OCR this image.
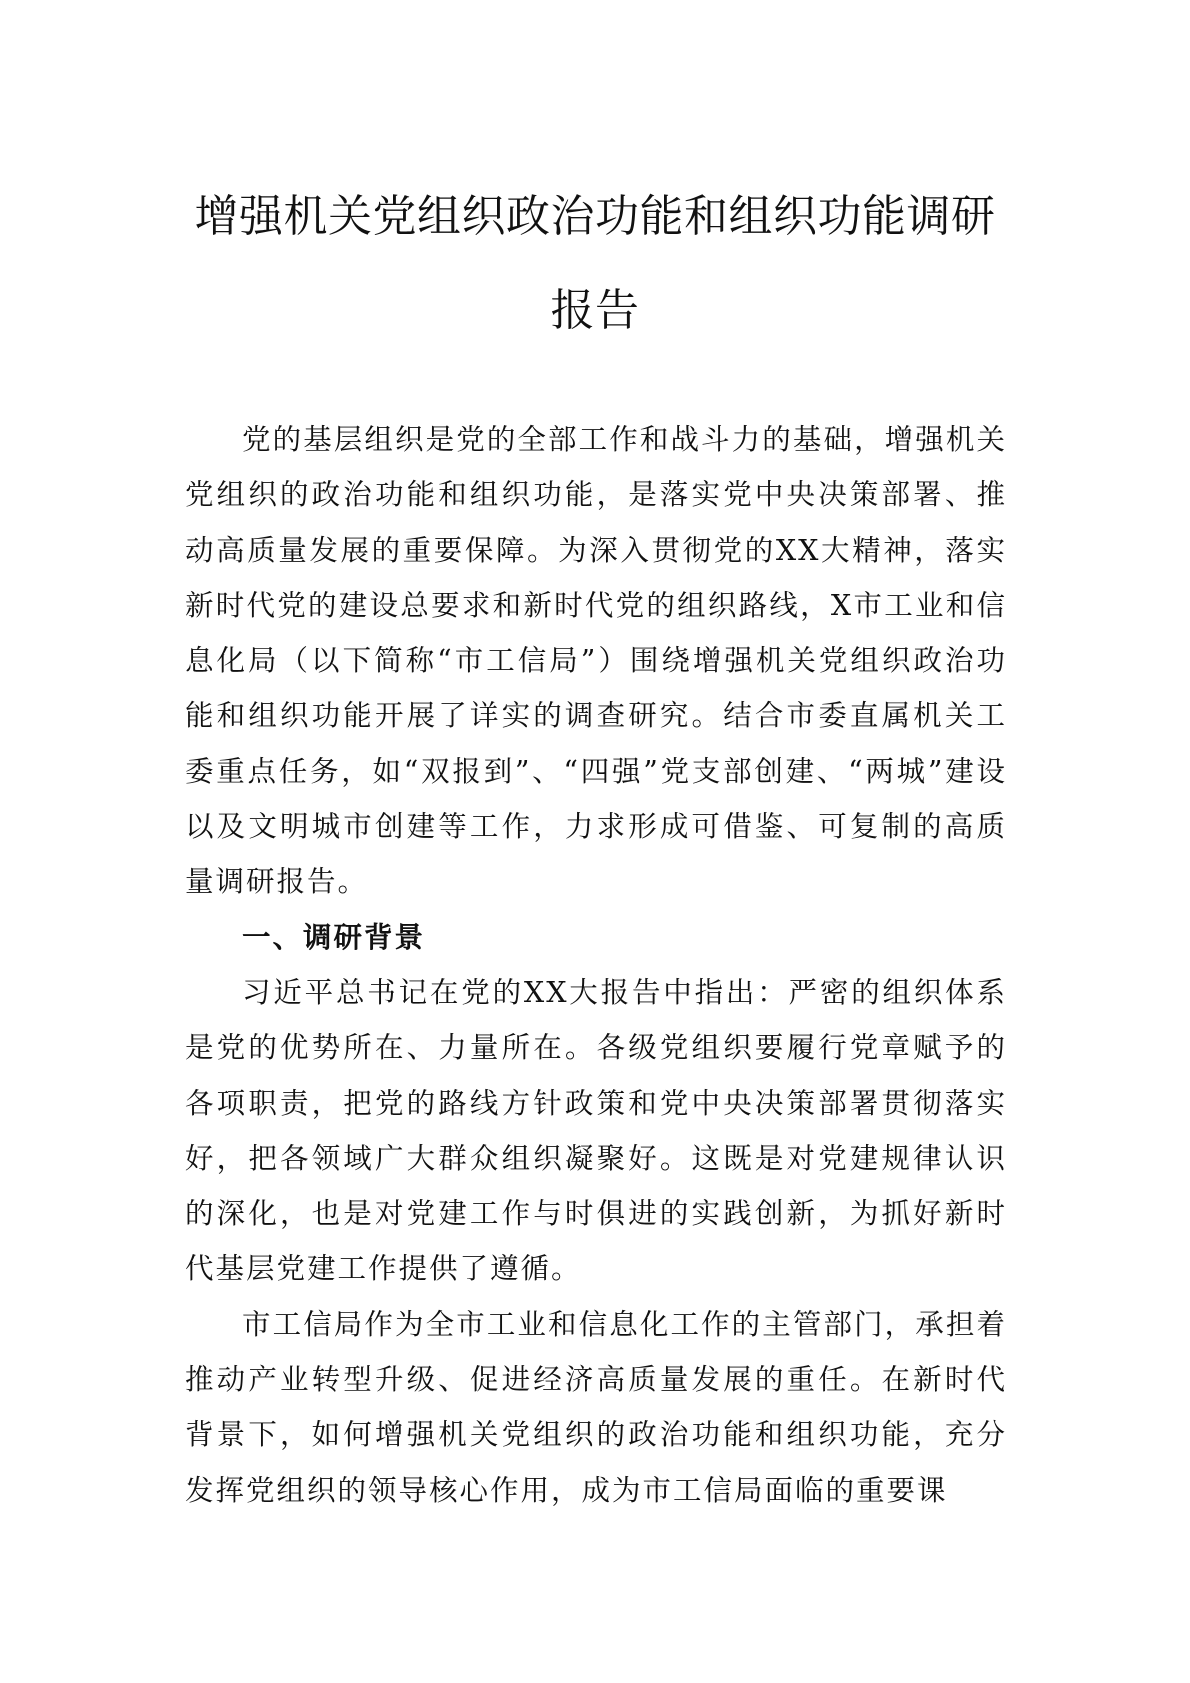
增强机关党组织政治功能和组织功能调研
报告

党的基层组织是党的全部工作和战斗力的基础，增强机关党组织的政治功能和组织功能，是落实党中央决策部署、推动高质量发展的重要保障。为深入贯彻党的XX大精神，落实新时代党的建设总要求和新时代党的组织路线，X市工业和信息化局（以下简称“市工信局”）围绕增强机关党组织政治功能和组织功能开展了详实的调查研究。结合市委直属机关工委重点任务，如“双报到”、“四强”党支部创建、“两城”建设以及文明城市创建等工作，力求形成可借鉴、可复制的高质量调研报告。

一、调研背景

习近平总书记在党的XX大报告中指出：严密的组织体系是党的优势所在、力量所在。各级党组织要履行党章赋予的各项职责，把党的路线方针政策和党中央决策部署贯彻落实好，把各领域广大群众组织凝聚好。这既是对党建规律认识的深化，也是对党建工作与时俱进的实践创新，为抓好新时代基层党建工作提供了遵循。

市工信局作为全市工业和信息化工作的主管部门，承担着推动产业转型升级、促进经济高质量发展的重任。在新时代背景下，如何增强机关党组织的政治功能和组织功能，充分发挥党组织的领导核心作用，成为市工信局面临的重要课
